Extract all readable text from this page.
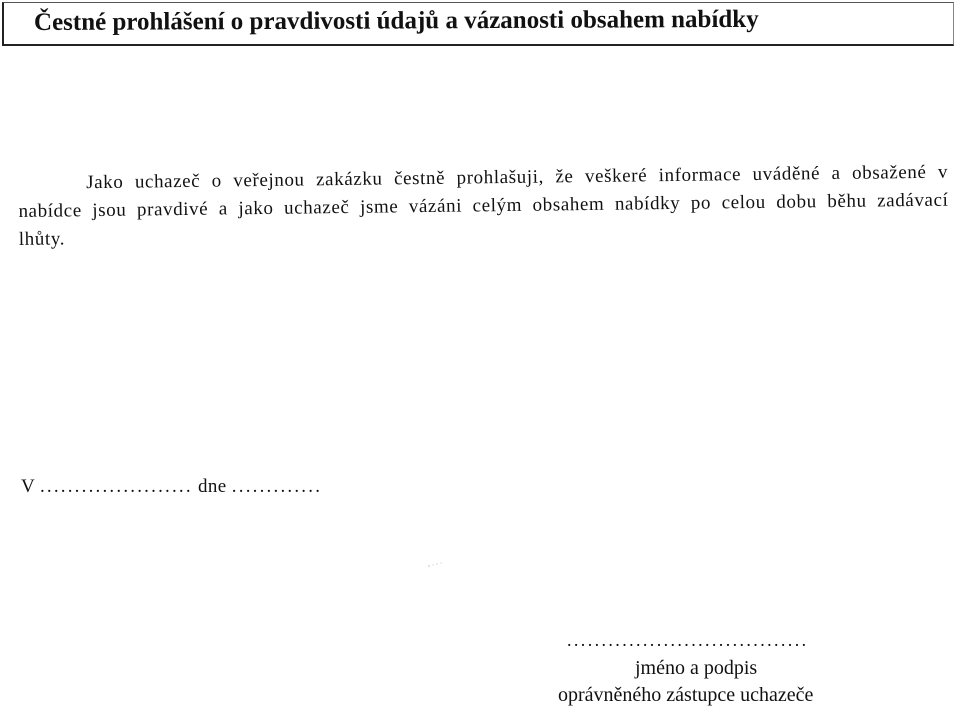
Čestné prohlášení o pravdivosti údajů a vázanosti obsahem nabídky

Jako uchazeč o veřejnou zakázku čestně prohlašuji, že veškeré informace uváděné a obsažené v nabídce jsou pravdivé a jako uchazeč jsme vázáni celým obsahem nabídky po celou dobu běhu zadávací lhůty.

V ...................... dne .............
...................................
jméno a podpis
oprávněného zástupce uchazeče
